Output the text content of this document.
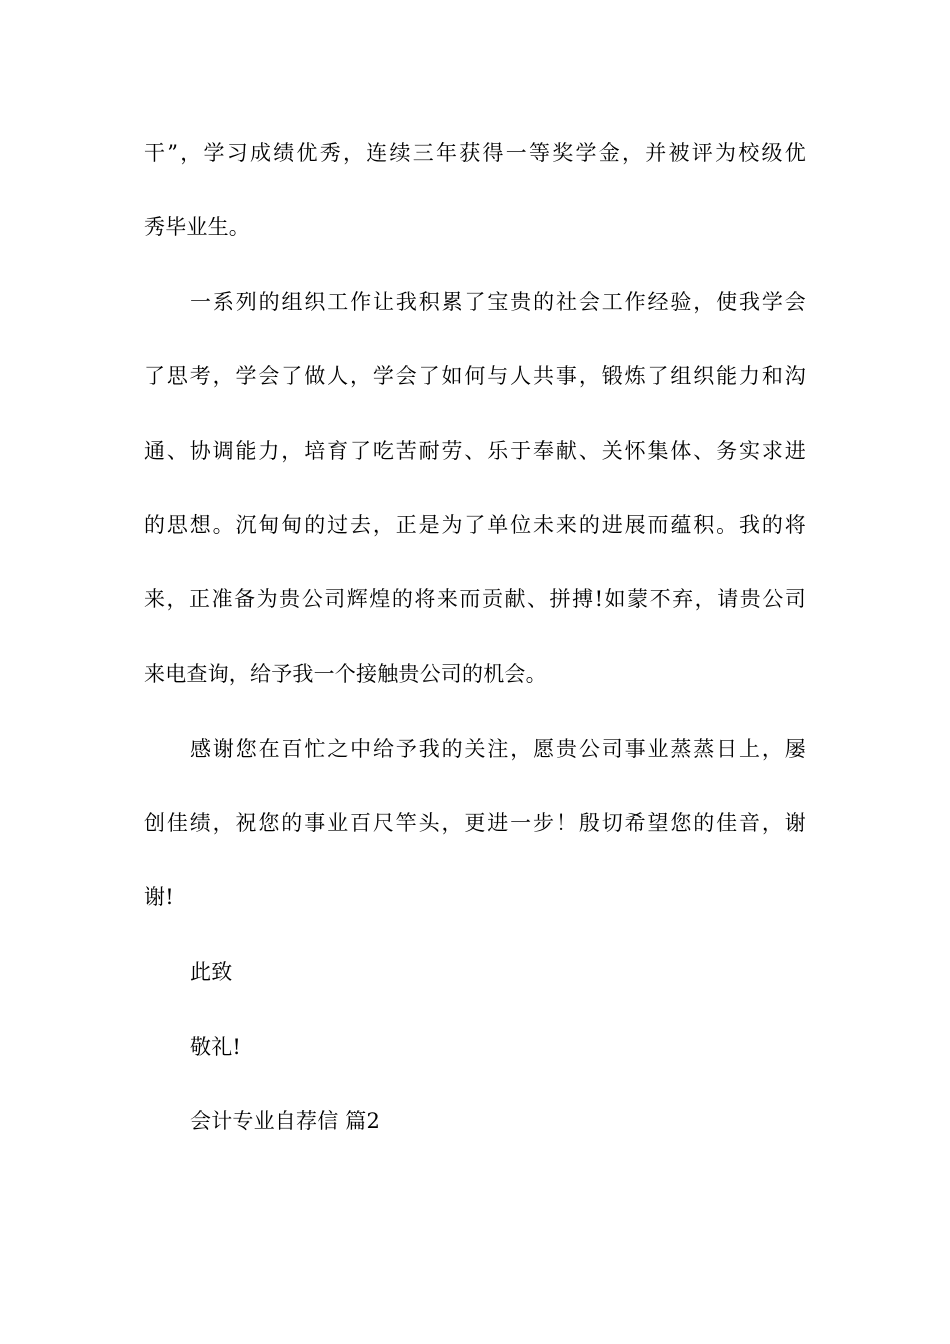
干”，学习成绩优秀，连续三年获得一等奖学金，并被评为校级优
秀毕业生。
一系列的组织工作让我积累了宝贵的社会工作经验，使我学会
了思考，学会了做人，学会了如何与人共事，锻炼了组织能力和沟
通、协调能力，培育了吃苦耐劳、乐于奉献、关怀集体、务实求进
的思想。沉甸甸的过去，正是为了单位未来的进展而蕴积。我的将
来，正准备为贵公司辉煌的将来而贡献、拼搏!如蒙不弃，请贵公司
来电查询，给予我一个接触贵公司的机会。
感谢您在百忙之中给予我的关注，愿贵公司事业蒸蒸日上，屡
创佳绩，祝您的事业百尺竿头，更进一步！殷切希望您的佳音，谢
谢!
此致
敬礼!
会计专业自荐信 篇2
